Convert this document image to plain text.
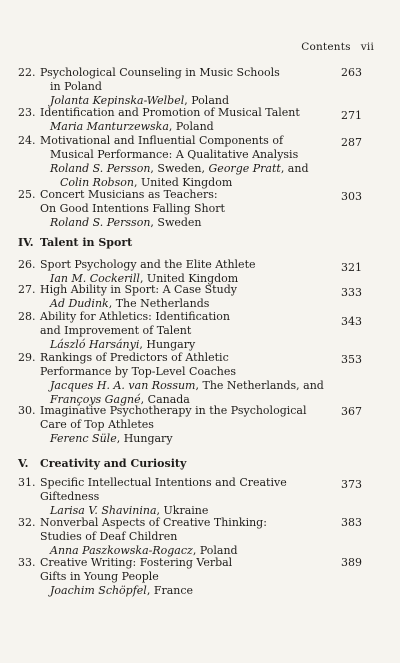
Contents vii
22. Psychological Counseling in Music Schools
in Poland
Jolanta Kepinska-Welbel, Poland
263
23. Identification and Promotion of Musical Talent
Maria Manturzewska, Poland
271
24. Motivational and Influential Components of
Musical Performance: A Qualitative Analysis
Roland S. Persson, Sweden, George Pratt, and
Colin Robson, United Kingdom
287
25. Concert Musicians as Teachers:
On Good Intentions Falling Short
Roland S. Persson, Sweden
303
IV. Talent in Sport
26. Sport Psychology and the Elite Athlete
Ian M. Cockerill, United Kingdom
321
27. High Ability in Sport: A Case Study
Ad Dudink, The Netherlands
333
28. Ability for Athletics: Identification
and Improvement of Talent
László Harsányi, Hungary
343
29. Rankings of Predictors of Athletic
Performance by Top-Level Coaches
Jacques H. A. van Rossum, The Netherlands, and
Françoys Gagné, Canada
353
30. Imaginative Psychotherapy in the Psychological
Care of Top Athletes
Ferenc Süle, Hungary
367
V. Creativity and Curiosity
31. Specific Intellectual Intentions and Creative
Giftedness
Larisa V. Shavinina, Ukraine
373
32. Nonverbal Aspects of Creative Thinking:
Studies of Deaf Children
Anna Paszkowska-Rogacz, Poland
383
33. Creative Writing: Fostering Verbal
Gifts in Young People
Joachim Schöpfel, France
389
